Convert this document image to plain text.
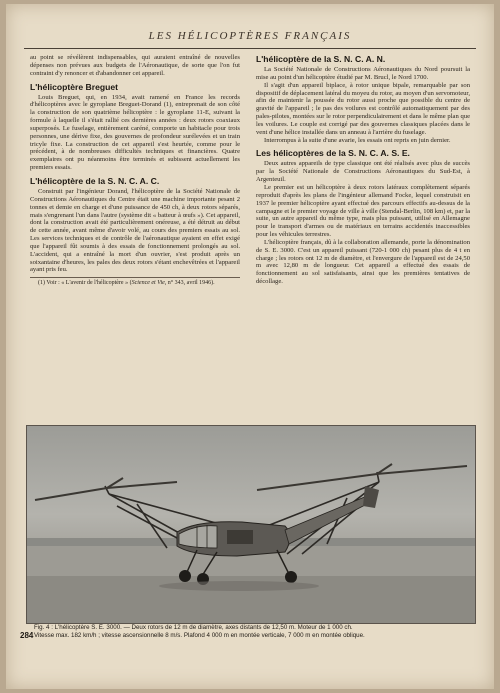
LES HÉLICOPTÈRES FRANÇAIS

au point se révélèrent indispensables, qui auraient entraîné de nouvelles dépenses non prévues aux budgets de l'Aéronautique, de sorte que l'on fut contraint d'y renoncer et d'abandonner cet appareil.

L'hélicoptère Breguet

Louis Breguet, qui, en 1934, avait ramené en France les records d'hélicoptères avec le gyroplane Breguet-Dorand (1), entreprenait de son côté la construction de son quatrième hélicoptère : le gyroplane 11-E, suivant la formule à laquelle il s'était rallié ces dernières années : deux rotors coaxiaux superposés. Le fuselage, entièrement caréné, comporte un habitacle pour trois personnes, une dérive fixe, des gouvernes de profondeur surélevées et un train tricyle fixe. La construction de cet appareil s'est heurtée, comme pour le précédent, à de nombreuses difficultés techniques et financières. Quatre exemplaires ont pu néanmoins être terminés et subissent actuellement les premiers essais.

L'hélicoptère de la S. N. C. A. C.

Construit par l'ingénieur Dorand, l'hélicoptère de la Société Nationale de Constructions Aéronautiques du Centre était une machine importante pesant 2 tonnes et demie en charge et d'une puissance de 450 ch, à deux rotors séparés, mais s'engrenant l'un dans l'autre (système dit « batteur à œufs »). Cet appareil, dont la construction avait été particulièrement onéreuse, a été détruit au début de cette année, avant même d'avoir volé, au cours des premiers essais au sol. Les services techniques et de contrôle de l'aéronautique ayaient en effet exigé que l'appareil fût soumis à des essais de fonctionnement prolongés au sol. L'accident, qui a entraîné la mort d'un ouvrier, s'est produit après un soixantaine d'heures, les pales des deux rotors s'étant enchevêtrées et l'appareil ayant pris feu.

(1) Voir : « L'avenir de l'hélicoptère » (Science et Vie, n° 343, avril 1946).
L'hélicoptère de la S. N. C. A. N.

La Société Nationale de Constructions Aéronautiques du Nord poursuit la mise au point d'un hélicoptère étudié par M. Brucl, le Nord 1700.

Il s'agit d'un appareil biplace, à rotor unique bipale, remarquable par son dispositif de déplacement latéral du moyeu du rotor, au moyen d'un servomoteur, afin de maintenir la poussée du rotor aussi proche que possible du centre de gravité de l'appareil ; le pas des voilures est contrôlé automatiquement par des pales-pilotes, montées sur le rotor perpendiculairement et dans le même plan que les voilures. Le couple est corrigé par des gouvernes classiques placées dans le vent d'une hélice installée dans un anneau à l'arrière du fuselage.

Interrompus à la suite d'une avarie, les essais ont repris en juin dernier.

Les hélicoptères de la S. N. C. A. S. E.

Deux autres appareils de type classique ont été réalisés avec plus de succès par la Société Nationale de Constructions Aéronautiques du Sud-Est, à Argenteuil.

Le premier est un hélicoptère à deux rotors latéraux complètement séparés reproduit d'après les plans de l'ingénieur allemand Focke, lequel construisit en 1937 le premier hélicoptère ayant effectué des parcours effectifs au-dessus de la campagne et le premier voyage de ville à ville (Stendal-Berlin, 108 km) et, par la suite, un autre appareil du même type, mais plus puissant, utilisé en Allemagne pour le transport d'armes ou de matériaux en terrains accidentés inaccessibles pour les véhicules terrestres.

L'hélicoptère français, dû à la collaboration allemande, porte la dénomination de S. E. 3000. C'est un appareil puissant (720-1 000 ch) pesant plus de 4 t en charge ; les rotors ont 12 m de diamètre, et l'envergure de l'appareil est de 24,50 m avec 12,80 m de longueur. Cet appareil a effectué des essais de fonctionnement au sol satisfaisants, ainsi que les premières tentatives de décollage.

284
Fig. 4 : L'hélicoptère S. E. 3000. — Deux rotors de 12 m de diamètre, axes distants de 12,50 m. Moteur de 1 000 ch.
Vitesse max. 182 km/h ; vitesse ascensionnelle 8 m/s. Plafond 4 000 m en montée verticale, 7 000 m en montée oblique.
